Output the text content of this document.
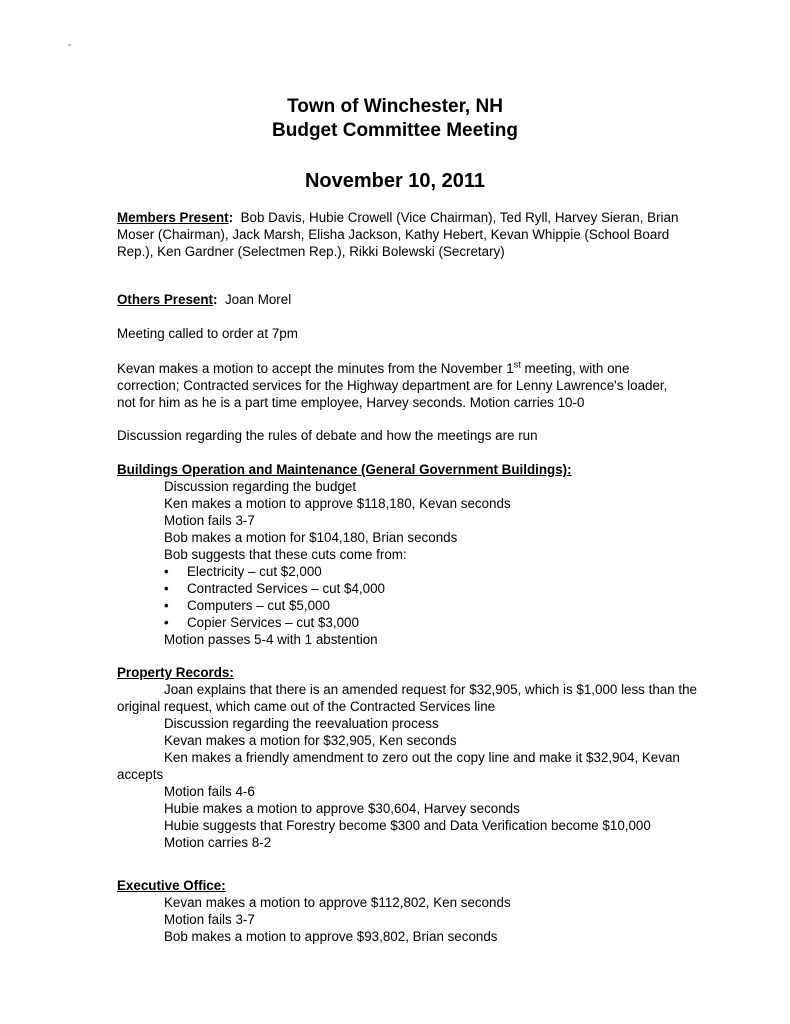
Town of Winchester, NH
Budget Committee Meeting
November 10, 2011
Members Present: Bob Davis, Hubie Crowell (Vice Chairman), Ted Ryll, Harvey Sieran, Brian Moser (Chairman), Jack Marsh, Elisha Jackson, Kathy Hebert, Kevan Whippie (School Board Rep.), Ken Gardner (Selectmen Rep.), Rikki Bolewski (Secretary)
Others Present: Joan Morel
Meeting called to order at 7pm
Kevan makes a motion to accept the minutes from the November 1st meeting, with one correction; Contracted services for the Highway department are for Lenny Lawrence's loader, not for him as he is a part time employee, Harvey seconds. Motion carries 10-0
Discussion regarding the rules of debate and how the meetings are run
Buildings Operation and Maintenance (General Government Buildings):
Discussion regarding the budget
Ken makes a motion to approve $118,180, Kevan seconds
Motion fails 3-7
Bob makes a motion for $104,180, Brian seconds
Bob suggests that these cuts come from:
• Electricity – cut $2,000
• Contracted Services – cut $4,000
• Computers – cut $5,000
• Copier Services – cut $3,000
Motion passes 5-4 with 1 abstention
Property Records:
Joan explains that there is an amended request for $32,905, which is $1,000 less than the original request, which came out of the Contracted Services line
Discussion regarding the reevaluation process
Kevan makes a motion for $32,905, Ken seconds
Ken makes a friendly amendment to zero out the copy line and make it $32,904, Kevan accepts
Motion fails 4-6
Hubie makes a motion to approve $30,604, Harvey seconds
Hubie suggests that Forestry become $300 and Data Verification become $10,000
Motion carries 8-2
Executive Office:
Kevan makes a motion to approve $112,802, Ken seconds
Motion fails 3-7
Bob makes a motion to approve $93,802, Brian seconds
